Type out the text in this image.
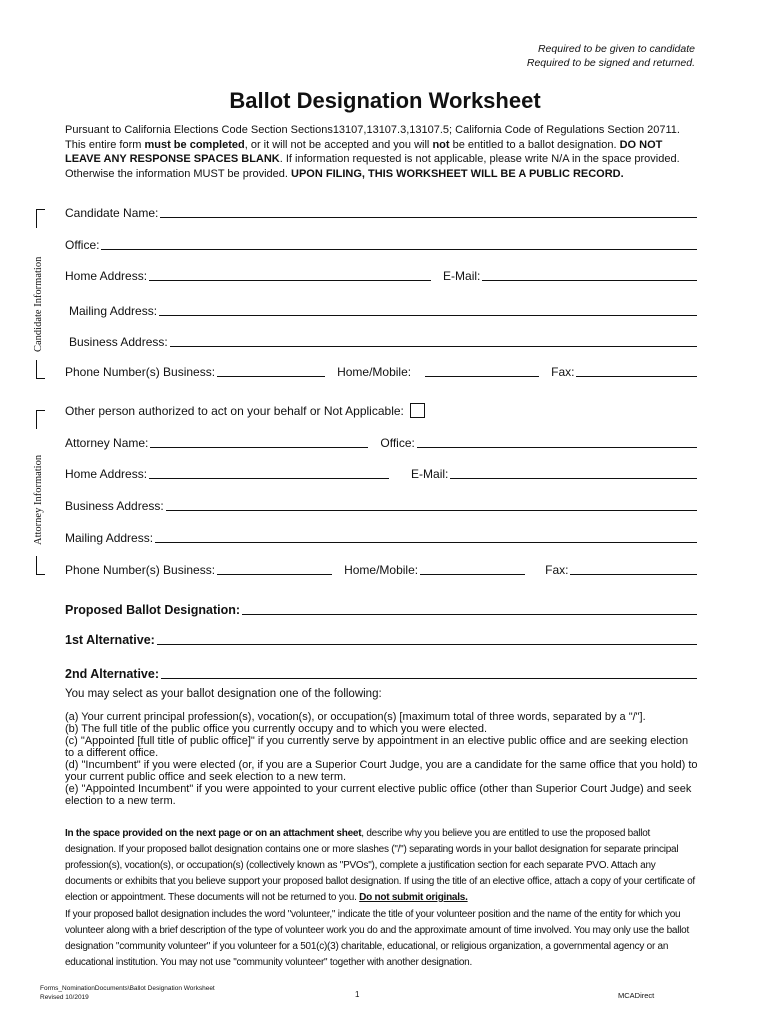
Required to be given to candidate
Required to be signed and returned.
Ballot Designation Worksheet
Pursuant to California Elections Code Section Sections13107,13107.3,13107.5; California Code of Regulations Section 20711. This entire form must be completed, or it will not be accepted and you will not be entitled to a ballot designation. DO NOT LEAVE ANY RESPONSE SPACES BLANK. If information requested is not applicable, please write N/A in the space provided. Otherwise the information MUST be provided. UPON FILING, THIS WORKSHEET WILL BE A PUBLIC RECORD.
Candidate Information
Candidate Name:
Office:
Home Address:	E-Mail:
Mailing Address:
Business Address:
Phone Number(s) Business:	Home/Mobile:	Fax:
Attorney Information
Other person authorized to act on your behalf or Not Applicable:
Attorney Name:	Office:
Home Address:	E-Mail:
Business Address:
Mailing Address:
Phone Number(s) Business:	Home/Mobile:	Fax:
Proposed Ballot Designation:
1st Alternative:
2nd Alternative:
You may select as your ballot designation one of the following:
(a) Your current principal profession(s), vocation(s), or occupation(s) [maximum total of three words, separated by a "/"].
(b) The full title of the public office you currently occupy and to which you were elected.
(c) "Appointed [full title of public office]" if you currently serve by appointment in an elective public office and are seeking election to a different office.
(d) "Incumbent" if you were elected (or, if you are a Superior Court Judge, you are a candidate for the same office that you hold) to your current public office and seek election to a new term.
(e) "Appointed Incumbent" if you were appointed to your current elective public office (other than Superior Court Judge) and seek election to a new term.
In the space provided on the next page or on an attachment sheet, describe why you believe you are entitled to use the proposed ballot designation. If your proposed ballot designation contains one or more slashes ("/") separating words in your ballot designation for separate principal profession(s), vocation(s), or occupation(s) (collectively known as "PVOs"), complete a justification section for each separate PVO. Attach any documents or exhibits that you believe support your proposed ballot designation. If using the title of an elective office, attach a copy of your certificate of election or appointment. These documents will not be returned to you. Do not submit originals.
If your proposed ballot designation includes the word "volunteer," indicate the title of your volunteer position and the name of the entity for which you volunteer along with a brief description of the type of volunteer work you do and the approximate amount of time involved. You may only use the ballot designation "community volunteer" if you volunteer for a 501(c)(3) charitable, educational, or religious organization, a governmental agency or an educational institution. You may not use "community volunteer" together with another designation.
Forms_NominationDocuments\Ballot Designation Worksheet
Revised 10/2019	1	MCADirect
